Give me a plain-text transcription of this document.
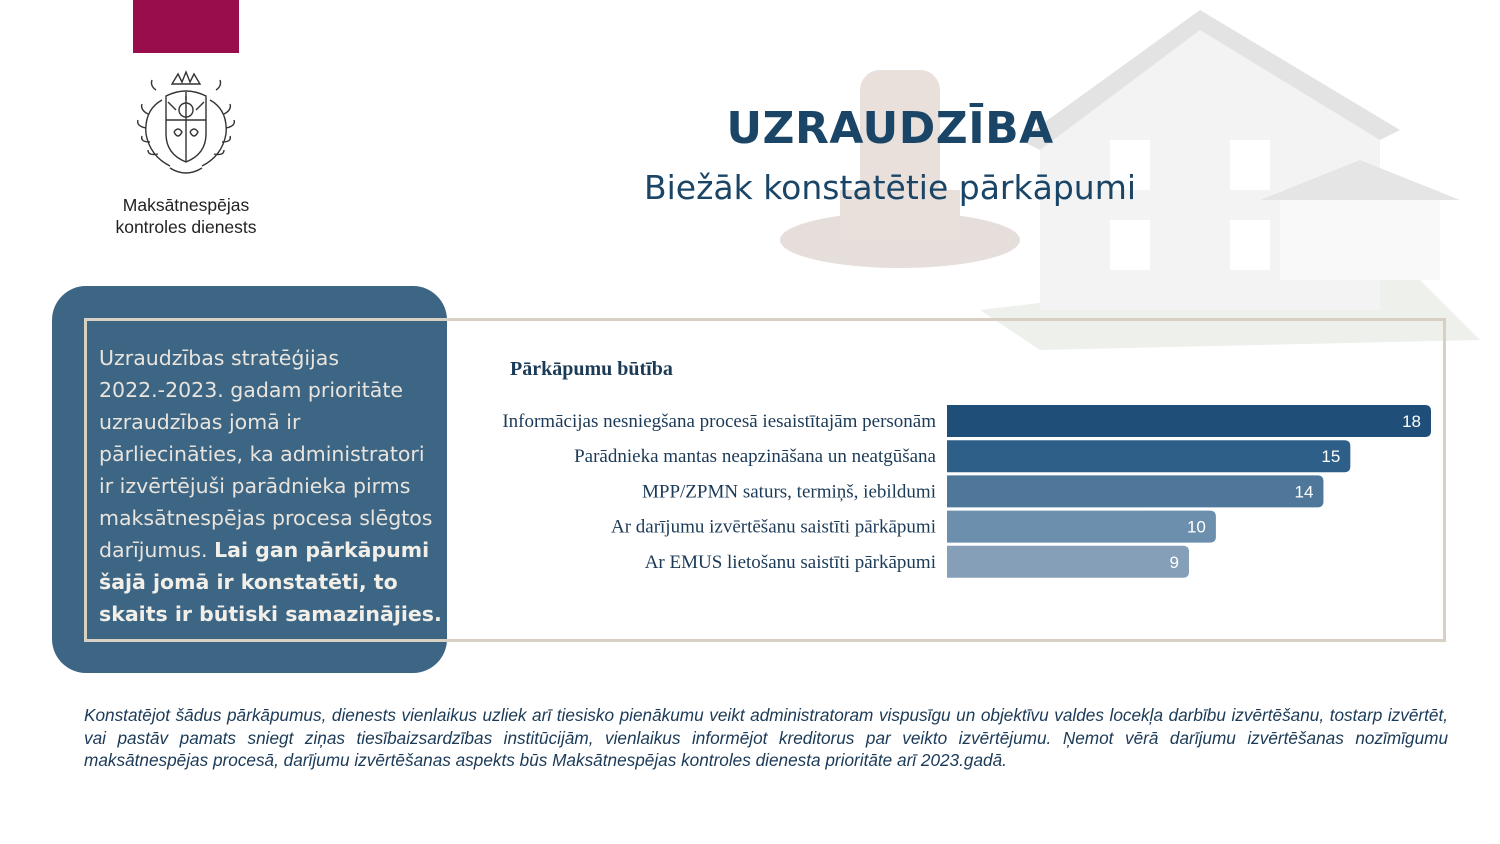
Maksātnespējas
kontroles dienests
UZRAUDZĪBA
Biežāk konstatētie pārkāpumi
Uzraudzības stratēģijas 2022.-2023. gadam prioritāte uzraudzības jomā ir pārliecināties, ka administratori ir izvērtējuši parādnieka pirms maksātnespējas procesa slēgtos darījumus. Lai gan pārkāpumi šajā jomā ir konstatēti, to skaits ir būtiski samazinājies.
Pārkāpumu būtība
Informācijas nesniegšana procesā iesaistītajām personām	18
Parādnieka mantas neapzināšana un neatgūšana	15
MPP/ZPMN saturs, termiņš, iebildumi	14
Ar darījumu izvērtēšanu saistīti pārkāpumi	10
Ar EMUS lietošanu saistīti pārkāpumi	9
Konstatējot šādus pārkāpumus, dienests vienlaikus uzliek arī tiesisko pienākumu veikt administratoram vispusīgu un objektīvu valdes locekļa darbību izvērtēšanu, tostarp izvērtēt, vai pastāv pamats sniegt ziņas tiesībaizsardzības institūcijām, vienlaikus informējot kreditorus par veikto izvērtējumu. Ņemot vērā darījumu izvērtēšanas nozīmīgumu maksātnespējas procesā, darījumu izvērtēšanas aspekts būs Maksātnespējas kontroles dienesta prioritāte arī 2023.gadā.
